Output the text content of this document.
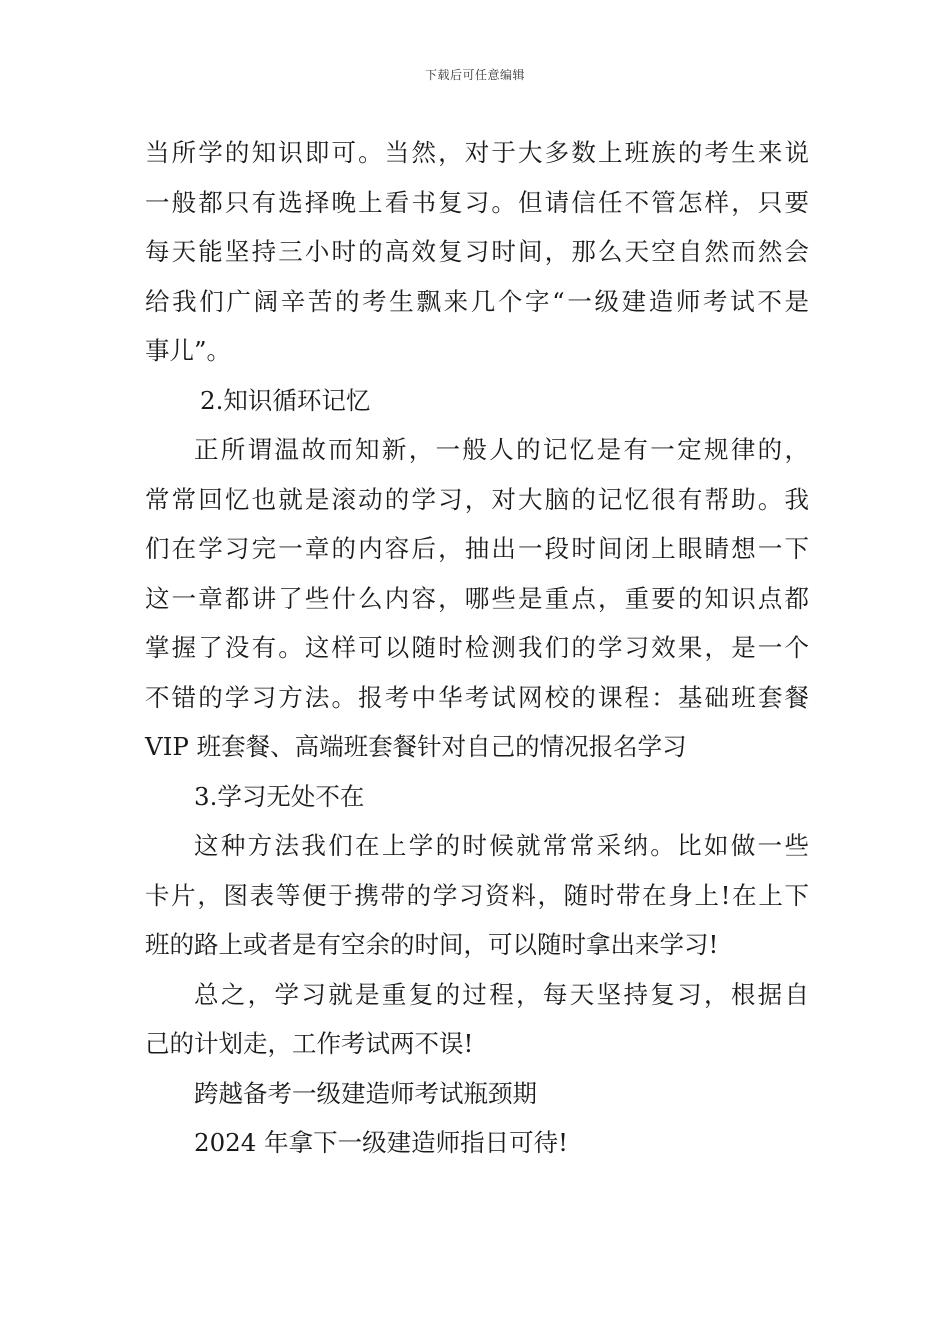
下载后可任意编辑
当所学的知识即可。当然，对于大多数上班族的考生来说
一般都只有选择晚上看书复习。但请信任不管怎样，只要
每天能坚持三小时的高效复习时间，那么天空自然而然会
给我们广阔辛苦的考生飘来几个字“一级建造师考试不是
事儿”。
2.知识循环记忆
正所谓温故而知新，一般人的记忆是有一定规律的，
常常回忆也就是滚动的学习，对大脑的记忆很有帮助。我
们在学习完一章的内容后，抽出一段时间闭上眼睛想一下
这一章都讲了些什么内容，哪些是重点，重要的知识点都
掌握了没有。这样可以随时检测我们的学习效果，是一个
不错的学习方法。报考中华考试网校的课程：基础班套餐
VIP 班套餐、高端班套餐针对自己的情况报名学习
3.学习无处不在
这种方法我们在上学的时候就常常采纳。比如做一些
卡片，图表等便于携带的学习资料，随时带在身上!在上下
班的路上或者是有空余的时间，可以随时拿出来学习!
总之，学习就是重复的过程，每天坚持复习，根据自
己的计划走，工作考试两不误!
跨越备考一级建造师考试瓶颈期
2024 年拿下一级建造师指日可待!
